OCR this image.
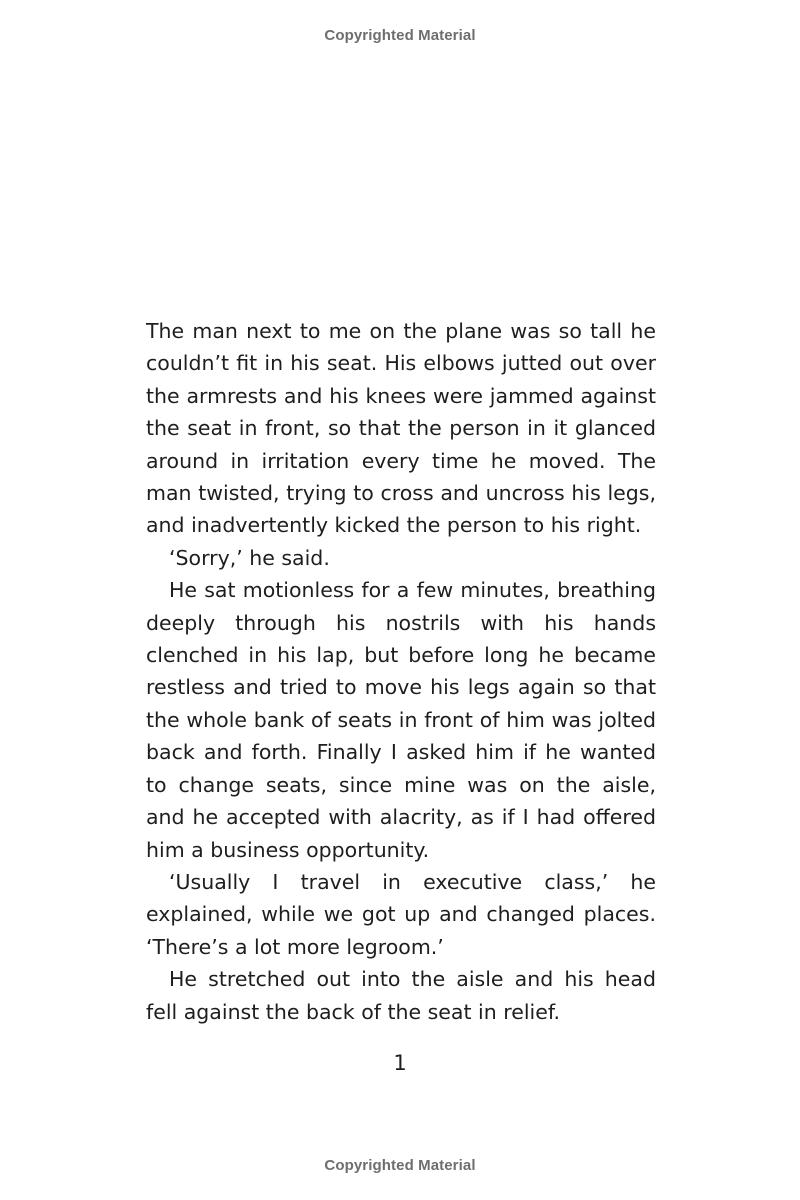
Copyrighted Material

The man next to me on the plane was so tall he couldn’t fit in his seat. His elbows jutted out over the armrests and his knees were jammed against the seat in front, so that the person in it glanced around in irritation every time he moved. The man twisted, trying to cross and uncross his legs, and inadvertently kicked the person to his right.

‘Sorry,’ he said.

He sat motionless for a few minutes, breathing deeply through his nostrils with his hands clenched in his lap, but before long he became restless and tried to move his legs again so that the whole bank of seats in front of him was jolted back and forth. Finally I asked him if he wanted to change seats, since mine was on the aisle, and he accepted with alacrity, as if I had offered him a business opportunity.

‘Usually I travel in executive class,’ he explained, while we got up and changed places. ‘There’s a lot more legroom.’

He stretched out into the aisle and his head fell against the back of the seat in relief.

1
Copyrighted Material
